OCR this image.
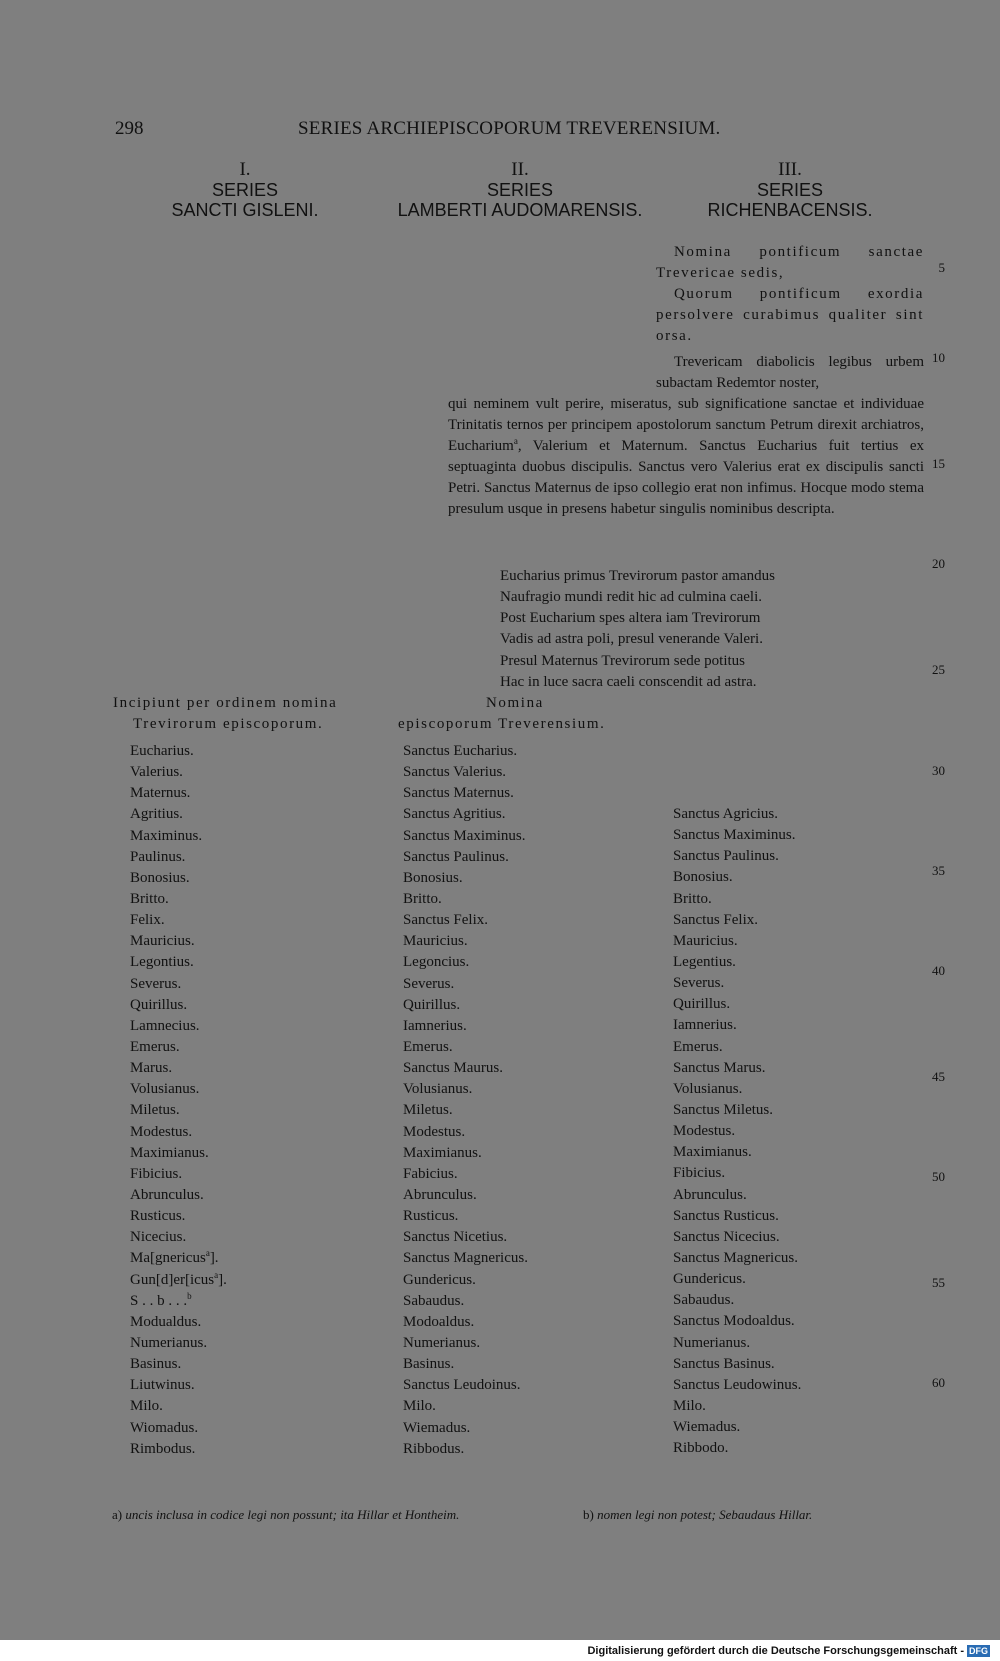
298	SERIES ARCHIEPISCOPORUM TREVERENSIUM.
I.
SERIES
SANCTI GISLENI.
II.
SERIES
LAMBERTI AUDOMARENSIS.
III.
SERIES
RICHENBACENSIS.
Nomina pontificum sanctae Trevericae sedis,
Quorum pontificum exordia persolvere curabimus qualiter sint orsa.
Trevericam diabolicis legibus urbem subactam Redemtor noster,
qui neminem vult perire, miseratus, sub significatione sanctae et individuae Trinitatis ternos per principem apostolorum sanctum Petrum direxit archiatros, Eucharium$^a$, Valerium et Maternum. Sanctus Eucharius fuit tertius ex septuaginta duobus discipulis. Sanctus vero Valerius erat ex discipulis sancti Petri. Sanctus Maternus de ipso collegio erat non infimus. Hocque modo stema presulum usque in presens habetur singulis nominibus descripta.
Eucharius primus Trevirorum pastor amandus
Naufragio mundi redit hic ad culmina caeli.
Post Eucharium spes altera iam Trevirorum
Vadis ad astra poli, presul venerande Valeri.
Presul Maternus Trevirorum sede potitus
Hac in luce sacra caeli conscendit ad astra.
Incipiunt per ordinem nomina
Trevirorum episcoporum.
Nomina
episcoporum Treverensium.
Eucharius.
Valerius.
Maternus.
Agritius.
Maximinus.
Paulinus.
Bonosius.
Britto.
Felix.
Mauricius.
Legontius.
Severus.
Quirillus.
Lamnecius.
Emerus.
Marus.
Volusianus.
Miletus.
Modestus.
Maximianus.
Fibicius.
Abrunculus.
Rusticus.
Nicecius.
Ma[gnericus$^a$].
Gun[d]er[icus$^a$].
S . . b . . .$^b$
Modualdus.
Numerianus.
Basinus.
Liutwinus.
Milo.
Wiomadus.
Rimbodus.
Sanctus Eucharius.
Sanctus Valerius.
Sanctus Maternus.
Sanctus Agritius.
Sanctus Maximinus.
Sanctus Paulinus.
Bonosius.
Britto.
Sanctus Felix.
Mauricius.
Legoncius.
Severus.
Quirillus.
Iamnerius.
Emerus.
Sanctus Maurus.
Volusianus.
Miletus.
Modestus.
Maximianus.
Fabicius.
Abrunculus.
Rusticus.
Sanctus Nicetius.
Sanctus Magnericus.
Gundericus.
Sabaudus.
Modoaldus.
Numerianus.
Basinus.
Sanctus Leudoinus.
Milo.
Wiemadus.
Ribbodus.
Sanctus Agricius.
Sanctus Maximinus.
Sanctus Paulinus.
Bonosius.
Britto.
Sanctus Felix.
Mauricius.
Legentius.
Severus.
Quirillus.
Iamnerius.
Emerus.
Sanctus Marus.
Volusianus.
Sanctus Miletus.
Modestus.
Maximianus.
Fibicius.
Abrunculus.
Sanctus Rusticus.
Sanctus Nicecius.
Sanctus Magnericus.
Gundericus.
Sabaudus.
Sanctus Modoaldus.
Numerianus.
Sanctus Basinus.
Sanctus Leudowinus.
Milo.
Wiemadus.
Ribbodo.
5
10
15
20
25
30
35
40
45
50
55
60
a) uncis inclusa in codice legi non possunt; ita Hillar et Hontheim.	b) nomen legi non potest; Sebaudaus Hillar.
Digitalisierung gefördert durch die Deutsche Forschungsgemeinschaft - DFG
